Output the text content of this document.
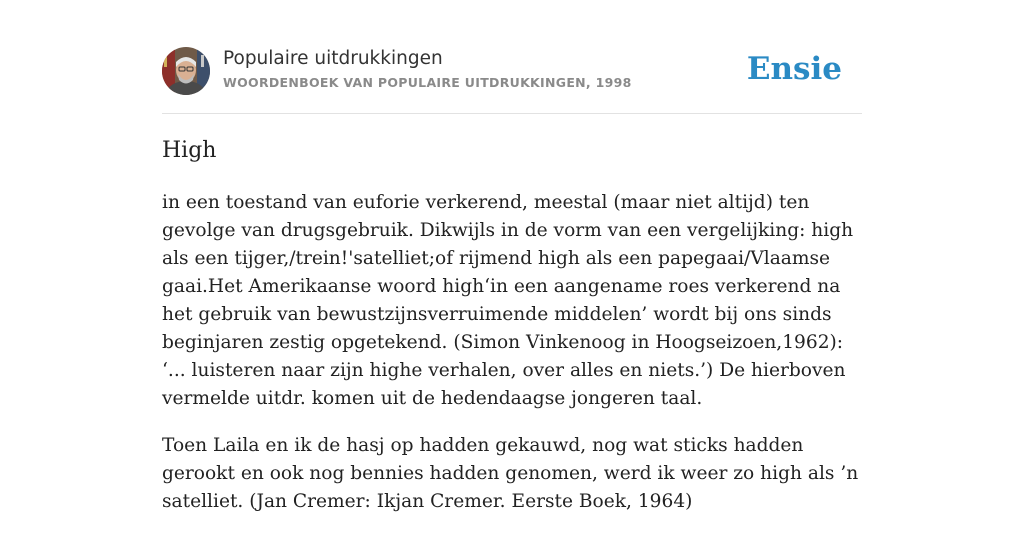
Populaire uitdrukkingen
WOORDENBOEK VAN POPULAIRE UITDRUKKINGEN, 1998	Ensie
High

in een toestand van euforie verkerend, meestal (maar niet altijd) ten gevolge van drugsgebruik. Dikwijls in de vorm van een vergelijking: high als een tijger,/trein!'satelliet;of rijmend high als een papegaai/Vlaamse gaai.Het Amerikaanse woord high‘in een aangename roes verkerend na het gebruik van bewustzijnsverruimende middelen’ wordt bij ons sinds beginjaren zestig opgetekend. (Simon Vinkenoog in Hoogseizoen,1962): ‘... luisteren naar zijn highe verhalen, over alles en niets.’) De hierboven vermelde uitdr. komen uit de hedendaagse jongeren taal.

Toen Laila en ik de hasj op hadden gekauwd, nog wat sticks hadden gerookt en ook nog bennies hadden genomen, werd ik weer zo high als ’n satelliet. (Jan Cremer: Ikjan Cremer. Eerste Boek, 1964)
